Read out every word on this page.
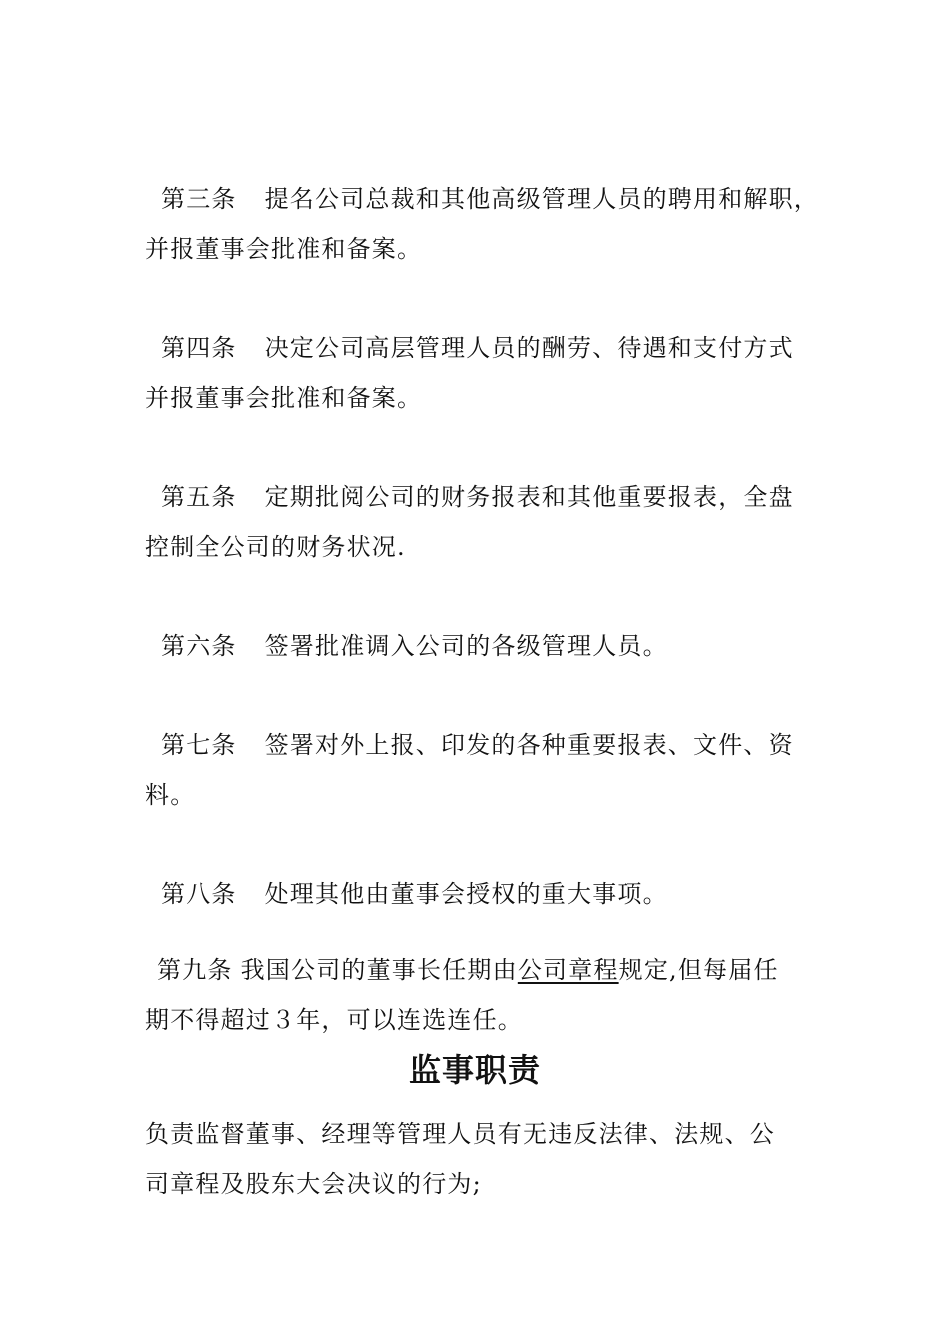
第三条 提名公司总裁和其他高级管理人员的聘用和解职，
并报董事会批准和备案。

第四条 决定公司高层管理人员的酬劳、待遇和支付方式
并报董事会批准和备案。

第五条 定期批阅公司的财务报表和其他重要报表，全盘
控制全公司的财务状况.

第六条 签署批准调入公司的各级管理人员。

第七条 签署对外上报、印发的各种重要报表、文件、资
料。

第八条 处理其他由董事会授权的重大事项。

第九条 我国公司的董事长任期由公司章程规定,但每届任
期不得超过３年，可以连选连任。

监事职责

负责监督董事、经理等管理人员有无违反法律、法规、公
司章程及股东大会决议的行为;
